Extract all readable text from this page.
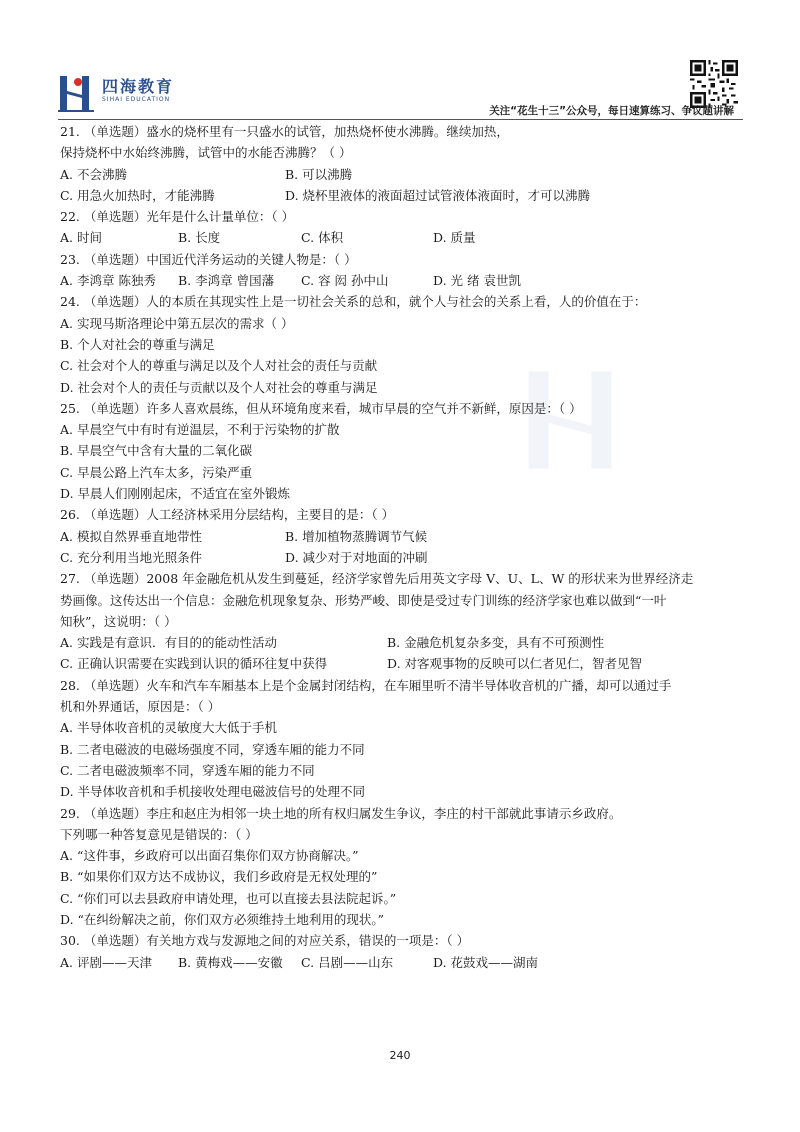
四海教育
SIHAI EDUCATION
关注“花生十三”公众号，每日速算练习、争议题讲解
21. （单选题）盛水的烧杯里有一只盛水的试管，加热烧杯使水沸腾。继续加热，
保持烧杯中水始终沸腾，试管中的水能否沸腾？（ ）
A. 不会沸腾	B. 可以沸腾
C. 用急火加热时，才能沸腾	D. 烧杯里液体的液面超过试管液体液面时，才可以沸腾
22. （单选题）光年是什么计量单位：（ ）
A. 时间	B. 长度	C. 体积	D. 质量
23. （单选题）中国近代洋务运动的关键人物是：（ ）
A. 李鸿章 陈独秀	B. 李鸿章 曾国藩	C. 容 闳 孙中山	D. 光 绪 袁世凯
24. （单选题）人的本质在其现实性上是一切社会关系的总和，就个人与社会的关系上看，人的价值在于：
A. 实现马斯洛理论中第五层次的需求（ ）
B. 个人对社会的尊重与满足
C. 社会对个人的尊重与满足以及个人对社会的责任与贡献
D. 社会对个人的责任与贡献以及个人对社会的尊重与满足
25. （单选题）许多人喜欢晨练，但从环境角度来看，城市早晨的空气并不新鲜，原因是：（ ）
A. 早晨空气中有时有逆温层，不利于污染物的扩散
B. 早晨空气中含有大量的二氧化碳
C. 早晨公路上汽车太多，污染严重
D. 早晨人们刚刚起床，不适宜在室外锻炼
26. （单选题）人工经济林采用分层结构，主要目的是：（ ）
A. 模拟自然界垂直地带性	B. 增加植物蒸腾调节气候
C. 充分利用当地光照条件	D. 减少对于对地面的冲刷
27. （单选题）2008 年金融危机从发生到蔓延，经济学家曾先后用英文字母 V、U、L、W 的形状来为世界经济走
势画像。这传达出一个信息：金融危机现象复杂、形势严峻、即使是受过专门训练的经济学家也难以做到“一叶
知秋”，这说明：（ ）
A. 实践是有意识．有目的的能动性活动	B. 金融危机复杂多变，具有不可预测性
C. 正确认识需要在实践到认识的循环往复中获得	D. 对客观事物的反映可以仁者见仁，智者见智
28. （单选题）火车和汽车车厢基本上是个金属封闭结构，在车厢里听不清半导体收音机的广播，却可以通过手
机和外界通话，原因是：（ ）
A. 半导体收音机的灵敏度大大低于手机
B. 二者电磁波的电磁场强度不同，穿透车厢的能力不同
C. 二者电磁波频率不同，穿透车厢的能力不同
D. 半导体收音机和手机接收处理电磁波信号的处理不同
29. （单选题）李庄和赵庄为相邻一块土地的所有权归属发生争议，李庄的村干部就此事请示乡政府。
下列哪一种答复意见是错误的：（ ）
A. “这件事，乡政府可以出面召集你们双方协商解决。”
B. “如果你们双方达不成协议，我们乡政府是无权处理的”
C. “你们可以去县政府申请处理，也可以直接去县法院起诉。”
D. “在纠纷解决之前，你们双方必须维持土地利用的现状。”
30. （单选题）有关地方戏与发源地之间的对应关系，错误的一项是：（ ）
A. 评剧——天津	B. 黄梅戏——安徽	C. 吕剧——山东	D. 花鼓戏——湖南
240
